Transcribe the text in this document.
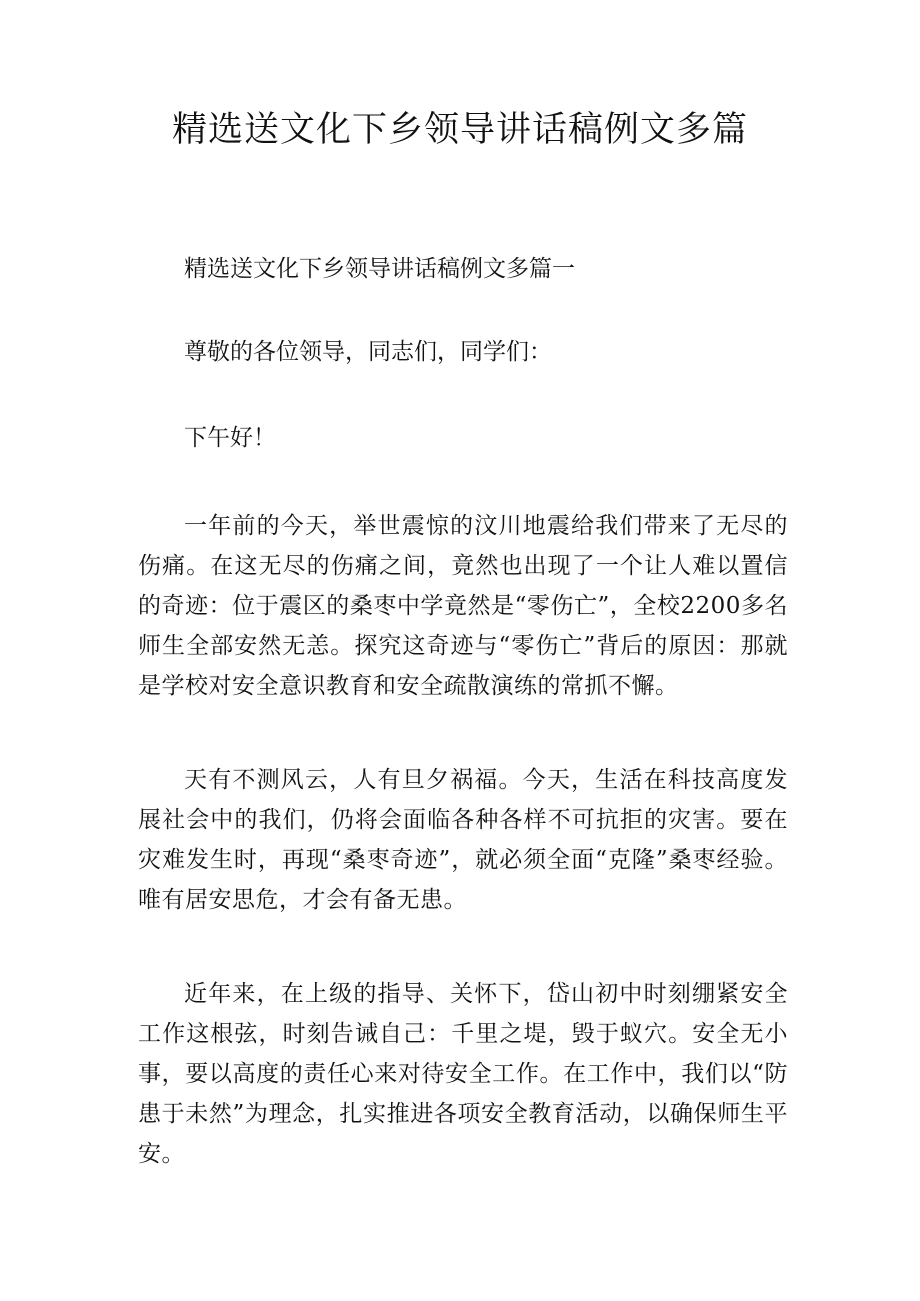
精选送文化下乡领导讲话稿例文多篇

精选送文化下乡领导讲话稿例文多篇一

尊敬的各位领导，同志们，同学们：

下午好！

一年前的今天，举世震惊的汶川地震给我们带来了无尽的伤痛。在这无尽的伤痛之间，竟然也出现了一个让人难以置信的奇迹：位于震区的桑枣中学竟然是“零伤亡”，全校2200多名师生全部安然无恙。探究这奇迹与“零伤亡”背后的原因：那就是学校对安全意识教育和安全疏散演练的常抓不懈。

天有不测风云，人有旦夕祸福。今天，生活在科技高度发展社会中的我们，仍将会面临各种各样不可抗拒的灾害。要在灾难发生时，再现“桑枣奇迹”，就必须全面“克隆”桑枣经验。唯有居安思危，才会有备无患。

近年来，在上级的指导、关怀下，岱山初中时刻绷紧安全工作这根弦，时刻告诫自己：千里之堤，毁于蚁穴。安全无小事，要以高度的责任心来对待安全工作。在工作中，我们以“防患于未然”为理念，扎实推进各项安全教育活动，以确保师生平安。
